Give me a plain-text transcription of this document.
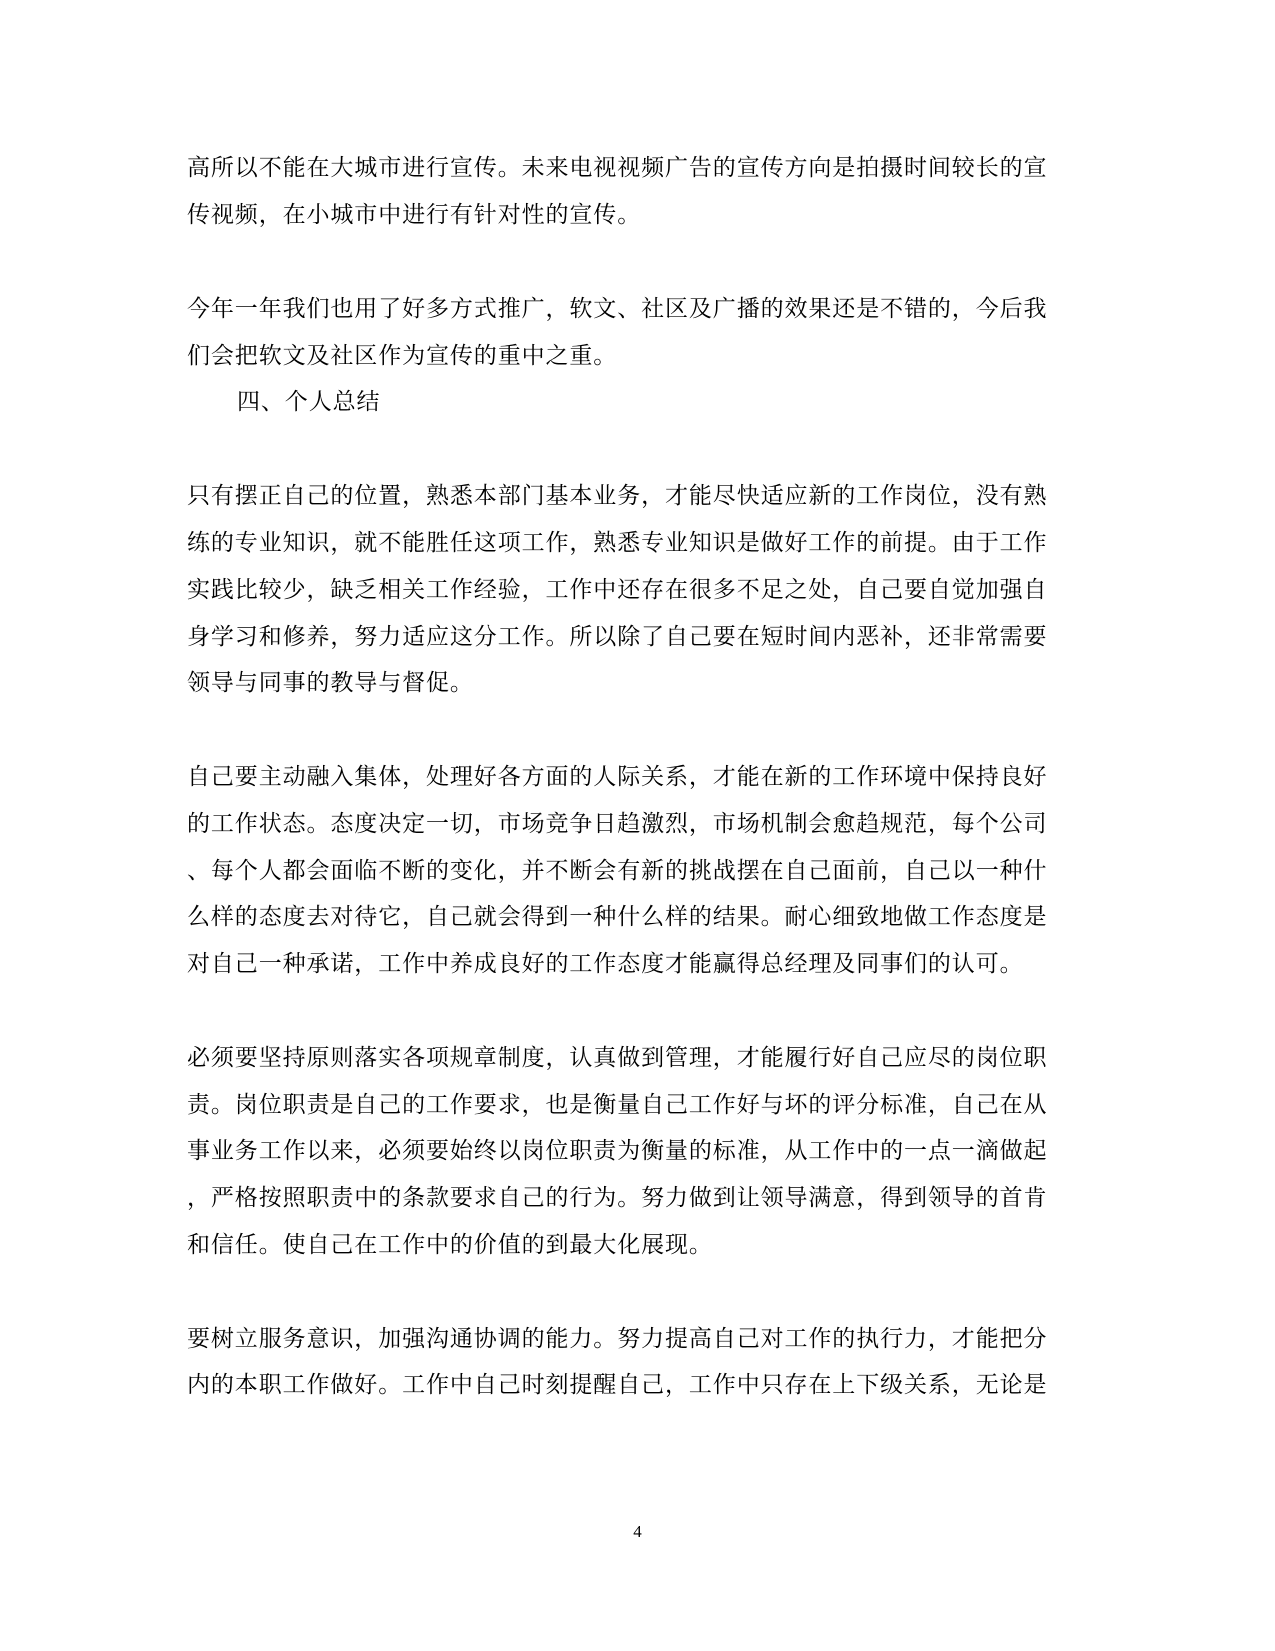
高所以不能在大城市进行宣传。未来电视视频广告的宣传方向是拍摄时间较长的宣
传视频，在小城市中进行有针对性的宣传。
今年一年我们也用了好多方式推广，软文、社区及广播的效果还是不错的，今后我
们会把软文及社区作为宣传的重中之重。
四、个人总结
只有摆正自己的位置，熟悉本部门基本业务，才能尽快适应新的工作岗位，没有熟
练的专业知识，就不能胜任这项工作，熟悉专业知识是做好工作的前提。由于工作
实践比较少，缺乏相关工作经验，工作中还存在很多不足之处，自己要自觉加强自
身学习和修养，努力适应这分工作。所以除了自己要在短时间内恶补，还非常需要
领导与同事的教导与督促。
自己要主动融入集体，处理好各方面的人际关系，才能在新的工作环境中保持良好
的工作状态。态度决定一切，市场竞争日趋激烈，市场机制会愈趋规范，每个公司
、每个人都会面临不断的变化，并不断会有新的挑战摆在自己面前，自己以一种什
么样的态度去对待它，自己就会得到一种什么样的结果。耐心细致地做工作态度是
对自己一种承诺，工作中养成良好的工作态度才能赢得总经理及同事们的认可。
必须要坚持原则落实各项规章制度，认真做到管理，才能履行好自己应尽的岗位职
责。岗位职责是自己的工作要求，也是衡量自己工作好与坏的评分标准，自己在从
事业务工作以来，必须要始终以岗位职责为衡量的标准，从工作中的一点一滴做起
，严格按照职责中的条款要求自己的行为。努力做到让领导满意，得到领导的首肯
和信任。使自己在工作中的价值的到最大化展现。
要树立服务意识，加强沟通协调的能力。努力提高自己对工作的执行力，才能把分
内的本职工作做好。工作中自己时刻提醒自己，工作中只存在上下级关系，无论是
4
